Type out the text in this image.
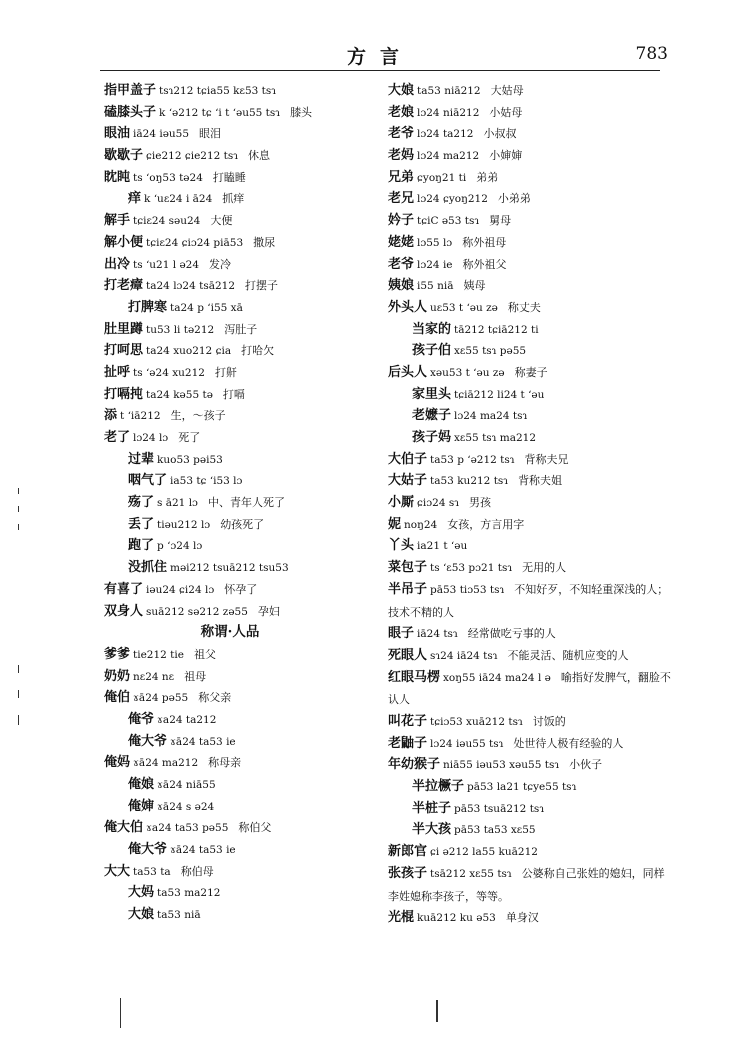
方言	783
指甲盖子 tsɿ212 tɕia55 kɛ53 tsɿ
磕膝头子 k ʻə212 tɕ ʻi t ʻəu55 tsɿ 膝头
眼油 iā24 iəu55 眼泪
歇歇子 ɕie212 ɕie212 tsɿ 休息
眈盹 ts ʻoŋ53 tə24 打瞌睡
痒 k ʻuɛ24 i ā24 抓痒
解手 tɕiɛ24 səu24 大便
解小便 tɕiɛ24 ɕiɔ24 piā53 撒尿
出冷 ts ʻu21 l ə24 发冷
打老瘴 ta24 lɔ24 tsā212 打摆子
打脾寒 ta24 p ʻi55 xā
肚里蹲 tu53 li tə212 泻肚子
打呵思 ta24 xuo212 ɕia 打哈欠
扯呼 ts ʻə24 xu212 打鼾
打嗝扽 ta24 kə55 tə 打嗝
添 t ʻiā212 生，～孩子
老了 lɔ24 lɔ 死了
过辈 kuo53 pəi53
咽气了 ia53 tɕ ʻi53 lɔ
殇了 s ā21 lɔ 中、青年人死了
丢了 tiəu212 lɔ 幼孩死了
跑了 p ʻɔ24 lɔ
没抓住 məi212 tsuā212 tsu53
有喜了 iəu24 ɕi24 lɔ 怀孕了
双身人 suā212 sə212 zə55 孕妇
称谓·人品
爹爹 tie212 tie 祖父
奶奶 nɛ24 nɛ 祖母
俺伯 ɤā24 pə55 称父亲
俺爷 ɤa24 ta212
俺大爷 ɤā24 ta53 ie
俺妈 ɤā24 ma212 称母亲
俺娘 ɤā24 niā55
俺婶 ɤā24 s ə24
俺大伯 ɤa24 ta53 pə55 称伯父
俺大爷 ɤā24 ta53 ie
大大 ta53 ta 称伯母
大妈 ta53 ma212
大娘 ta53 niā
大娘 ta53 niā212 大姑母
老娘 lɔ24 niā212 小姑母
老爷 lɔ24 ta212 小叔叔
老妈 lɔ24 ma212 小婶婶
兄弟 ɕyoŋ21 ti 弟弟
老兄 lɔ24 ɕyoŋ212 小弟弟
妗子 tɕiC ə53 tsɿ 舅母
姥姥 lɔ55 lɔ 称外祖母
老爷 lɔ24 ie 称外祖父
姨娘 i55 niā 姨母
外头人 uɛ53 t ʻəu zə 称丈夫
当家的 tā212 tɕiā212 ti
孩子伯 xɛ55 tsɿ pə55
后头人 xəu53 t ʻəu zə 称妻子
家里头 tɕiā212 li24 t ʻəu
老嬷子 lɔ24 ma24 tsɿ
孩子妈 xɛ55 tsɿ ma212
大伯子 ta53 p ʻə212 tsɿ 背称夫兄
大姑子 ta53 ku212 tsɿ 背称夫姐
小厮 ɕiɔ24 sɿ 男孩
妮 noŋ24 女孩，方言用字
丫头 ia21 t ʻəu
菜包子 ts ʻɛ53 pɔ21 tsɿ 无用的人
半吊子 pā53 tiɔ53 tsɿ 不知好歹，不知轻重深浅的人；技术不精的人
眼子 iā24 tsɿ 经常做吃亏事的人
死眼人 sɿ24 iā24 tsɿ 不能灵活、随机应变的人
红眼马楞 xoŋ55 iā24 ma24 l ə 喻指好发脾气，翻脸不认人
叫花子 tɕiɔ53 xuā212 tsɿ 讨饭的
老鼬子 lɔ24 iəu55 tsɿ 处世待人极有经验的人
年幼猴子 niā55 iəu53 xəu55 tsɿ 小伙子
半拉橛子 pā53 la21 tɕye55 tsɿ
半桩子 pā53 tsuā212 tsɿ
半大孩 pā53 ta53 xɛ55
新郎官 ɕi ə212 la55 kuā212
张孩子 tsā212 xɛ55 tsɿ 公婆称自己张姓的媳妇，同样李姓媳称李孩子，等等。
光棍 kuā212 ku ə53 单身汉
